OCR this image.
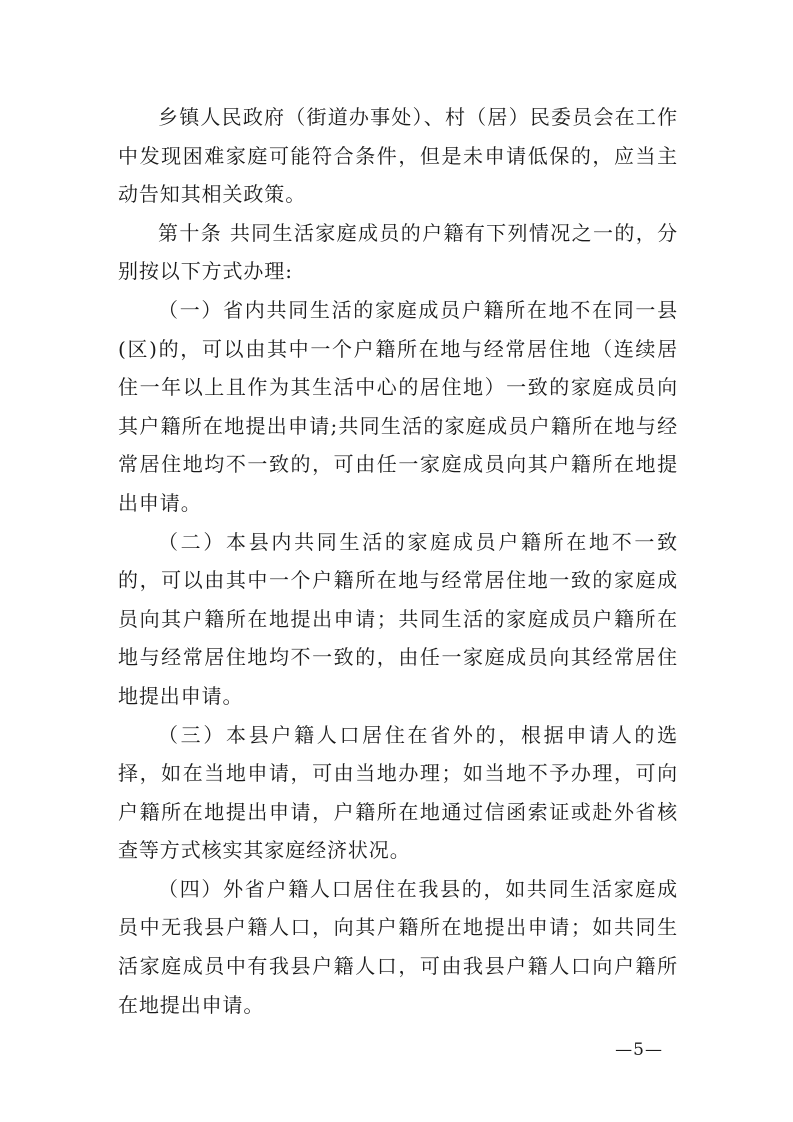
乡镇人民政府（街道办事处）、村（居）民委员会在工作中发现困难家庭可能符合条件，但是未申请低保的，应当主动告知其相关政策。

第十条 共同生活家庭成员的户籍有下列情况之一的，分别按以下方式办理:

（一）省内共同生活的家庭成员户籍所在地不在同一县(区)的，可以由其中一个户籍所在地与经常居住地（连续居住一年以上且作为其生活中心的居住地）一致的家庭成员向其户籍所在地提出申请;共同生活的家庭成员户籍所在地与经常居住地均不一致的，可由任一家庭成员向其户籍所在地提出申请。

（二）本县内共同生活的家庭成员户籍所在地不一致的，可以由其中一个户籍所在地与经常居住地一致的家庭成员向其户籍所在地提出申请；共同生活的家庭成员户籍所在地与经常居住地均不一致的，由任一家庭成员向其经常居住地提出申请。

（三）本县户籍人口居住在省外的，根据申请人的选择，如在当地申请，可由当地办理；如当地不予办理，可向户籍所在地提出申请，户籍所在地通过信函索证或赴外省核查等方式核实其家庭经济状况。

（四）外省户籍人口居住在我县的，如共同生活家庭成员中无我县户籍人口，向其户籍所在地提出申请；如共同生活家庭成员中有我县户籍人口，可由我县户籍人口向户籍所在地提出申请。

—5—
